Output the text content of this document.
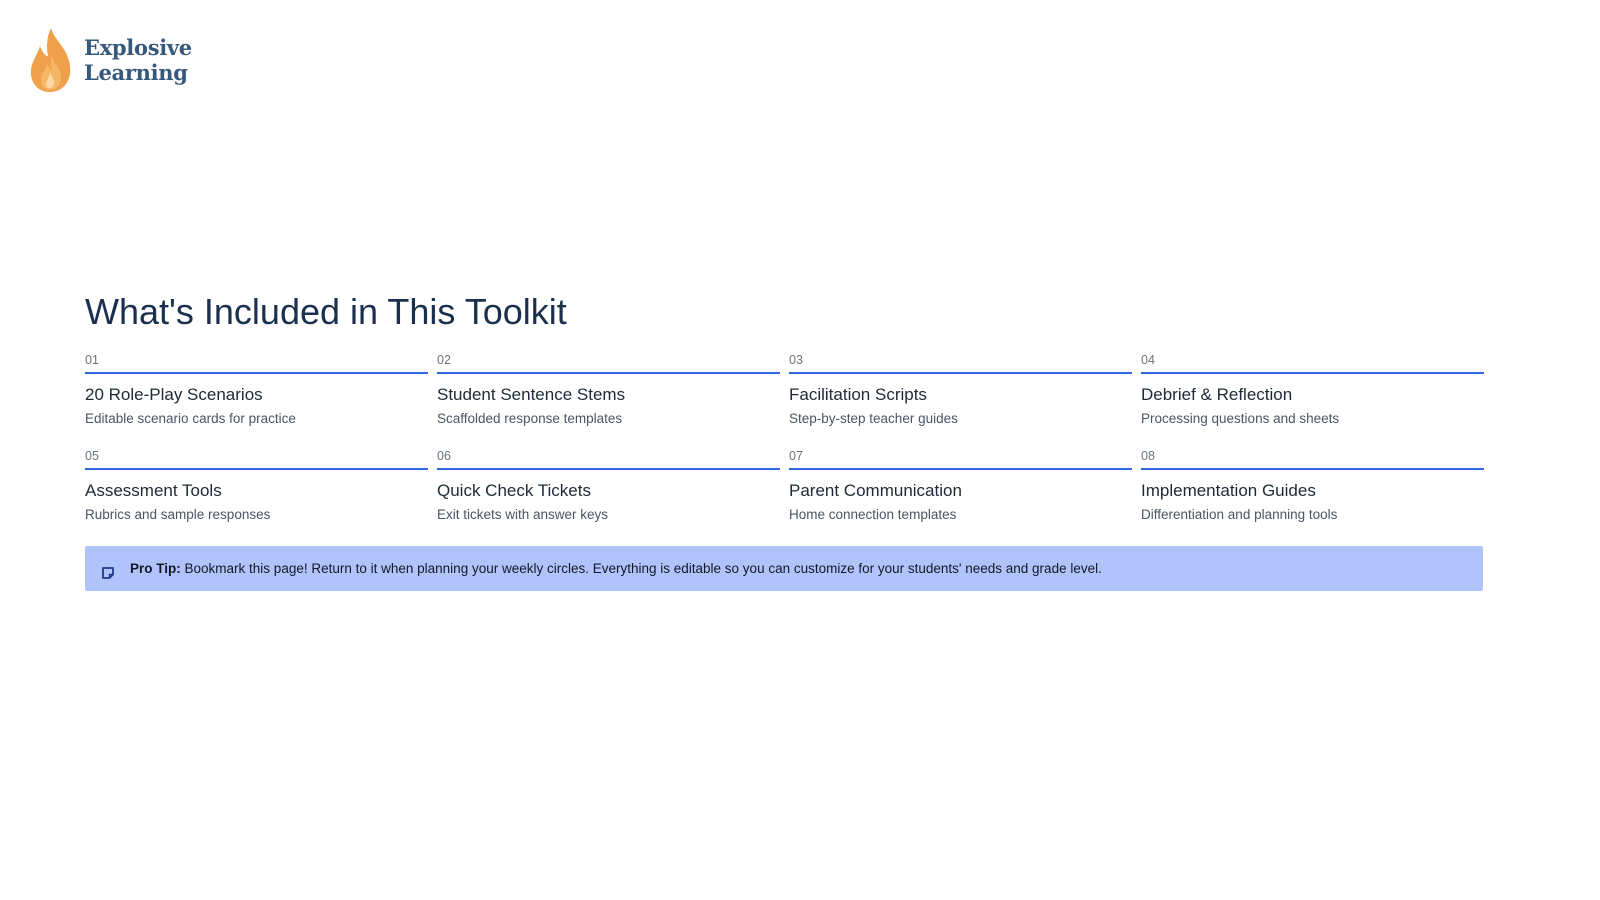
Explosive
Learning
What's Included in This Toolkit
01
20 Role-Play Scenarios
Editable scenario cards for practice
02
Student Sentence Stems
Scaffolded response templates
03
Facilitation Scripts
Step-by-step teacher guides
04
Debrief & Reflection
Processing questions and sheets
05
Assessment Tools
Rubrics and sample responses
06
Quick Check Tickets
Exit tickets with answer keys
07
Parent Communication
Home connection templates
08
Implementation Guides
Differentiation and planning tools
Pro Tip: Bookmark this page! Return to it when planning your weekly circles. Everything is editable so you can customize for your students' needs and grade level.
